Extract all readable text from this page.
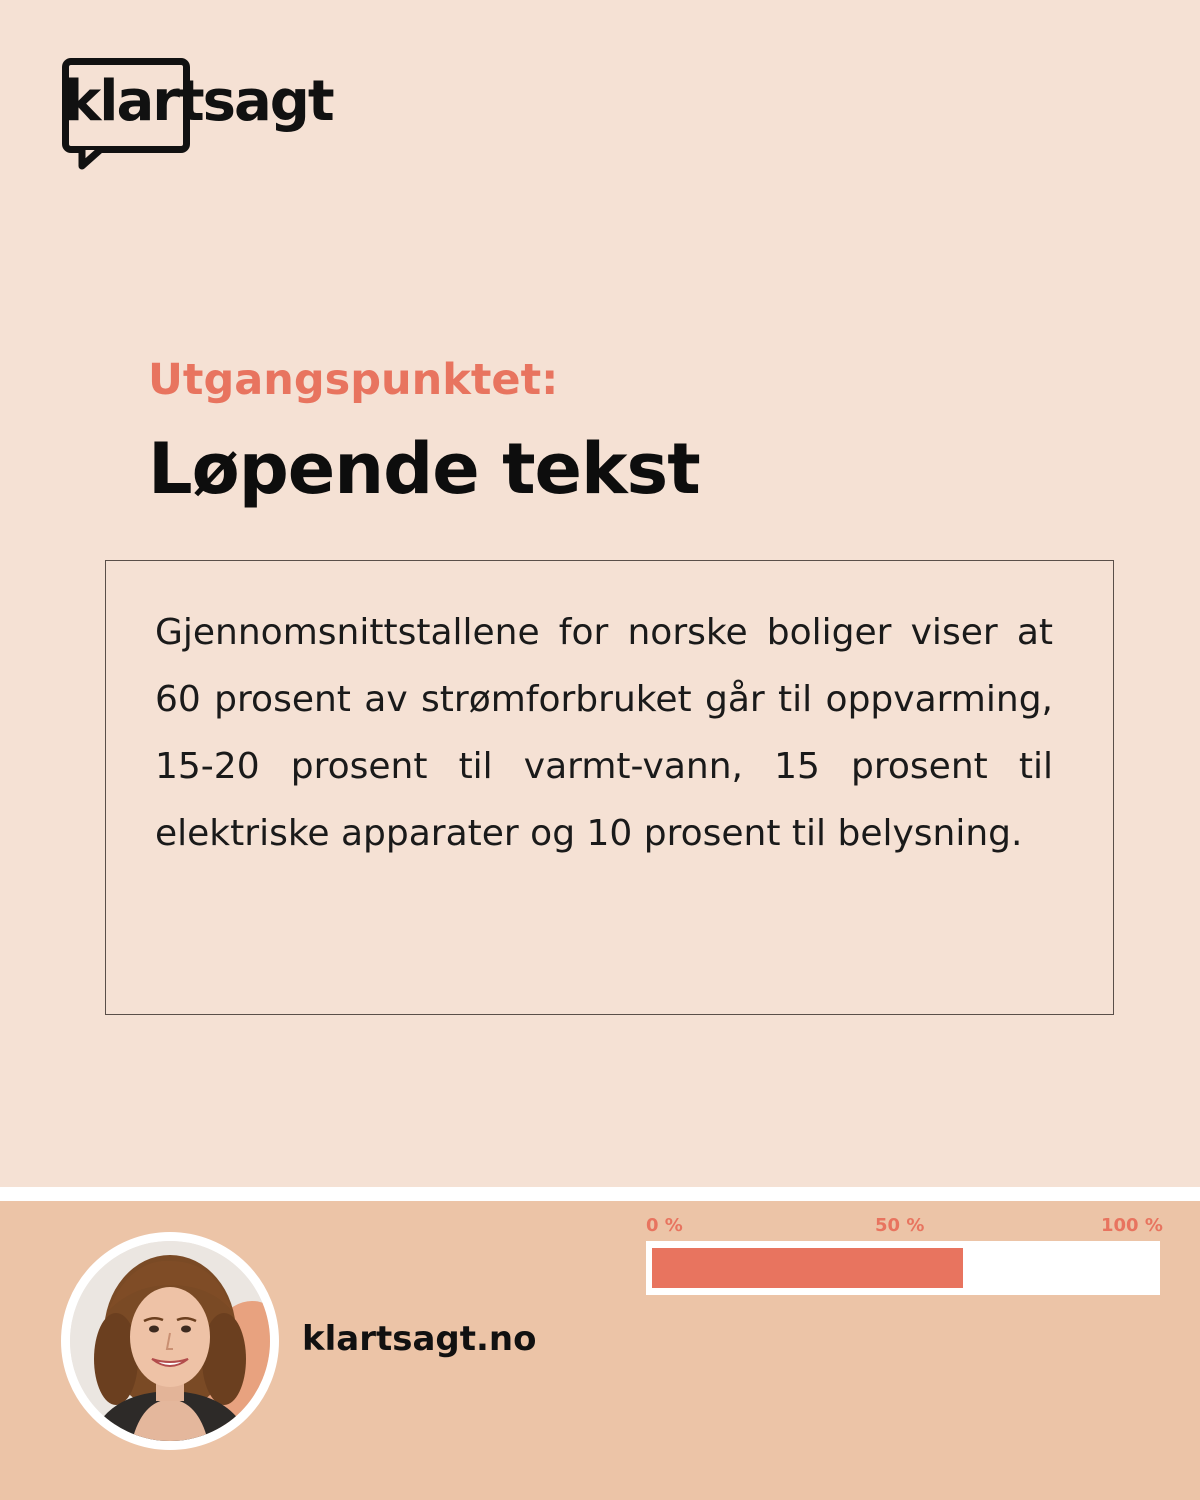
klartsagt
Utgangspunktet:
Løpende tekst

Gjennomsnittstallene for norske boliger viser at 60 prosent av strømforbruket går til oppvarming, 15-20 prosent til varmt-vann, 15 prosent til elektriske apparater og 10 prosent til belysning.

klartsagt.no
0 %	50 %	100 %
